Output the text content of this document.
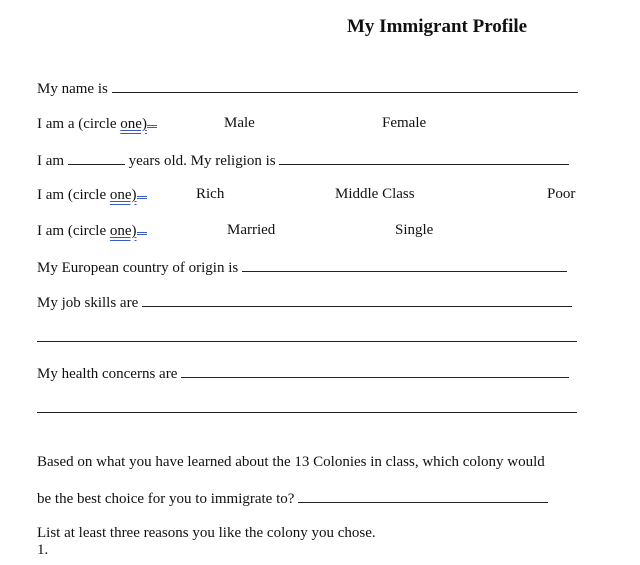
My Immigrant Profile
My name is
I am a (circle one)	Male	Female
I am	years old. My religion is
I am (circle one)	Rich	Middle Class	Poor
I am (circle one)	Married	Single
My European country of origin is
My job skills are
My health concerns are
Based on what you have learned about the 13 Colonies in class, which colony would
be the best choice for you to immigrate to?
List at least three reasons you like the colony you chose.
1.
